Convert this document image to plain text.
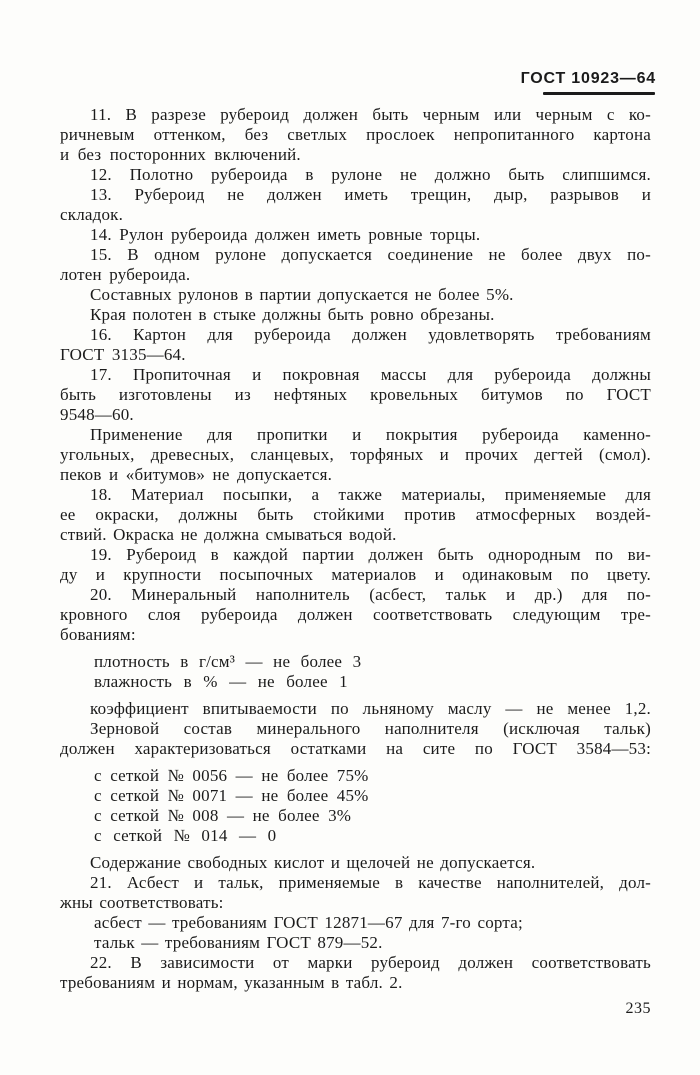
ГОСТ 10923—64
11. В разрезе рубероид должен быть черным или черным с ко-
ричневым оттенком, без светлых прослоек непропитанного картона
и без посторонних включений.
12. Полотно рубероида в рулоне не должно быть слипшимся.
13. Рубероид не должен иметь трещин, дыр, разрывов и
складок.
14. Рулон рубероида должен иметь ровные торцы.
15. В одном рулоне допускается соединение не более двух по-
лотен рубероида.
Составных рулонов в партии допускается не более 5%.
Края полотен в стыке должны быть ровно обрезаны.
16. Картон для рубероида должен удовлетворять требованиям
ГОСТ 3135—64.
17. Пропиточная и покровная массы для рубероида должны
быть изготовлены из нефтяных кровельных битумов по ГОСТ
9548—60.
Применение для пропитки и покрытия рубероида каменно-
угольных, древесных, сланцевых, торфяных и прочих дегтей (смол).
пеков и «битумов» не допускается.
18. Материал посыпки, а также материалы, применяемые для
ее окраски, должны быть стойкими против атмосферных воздей-
ствий. Окраска не должна смываться водой.
19. Рубероид в каждой партии должен быть однородным по ви-
ду и крупности посыпочных материалов и одинаковым по цвету.
20. Минеральный наполнитель (асбест, тальк и др.) для по-
кровного слоя рубероида должен соответствовать следующим тре-
бованиям:
плотность в г/см³ — не более 3
влажность в % — не более 1
коэффициент впитываемости по льняному маслу — не менее 1,2.
Зерновой состав минерального наполнителя (исключая тальк)
должен характеризоваться остатками на сите по ГОСТ 3584—53:
с сеткой № 0056 — не более 75%
с сеткой № 0071 — не более 45%
с сеткой № 008 — не более 3%
с сеткой № 014 — 0
Содержание свободных кислот и щелочей не допускается.
21. Асбест и тальк, применяемые в качестве наполнителей, дол-
жны соответствовать:
асбест — требованиям ГОСТ 12871—67 для 7-го сорта;
тальк — требованиям ГОСТ 879—52.
22. В зависимости от марки рубероид должен соответствовать
требованиям и нормам, указанным в табл. 2.
235
